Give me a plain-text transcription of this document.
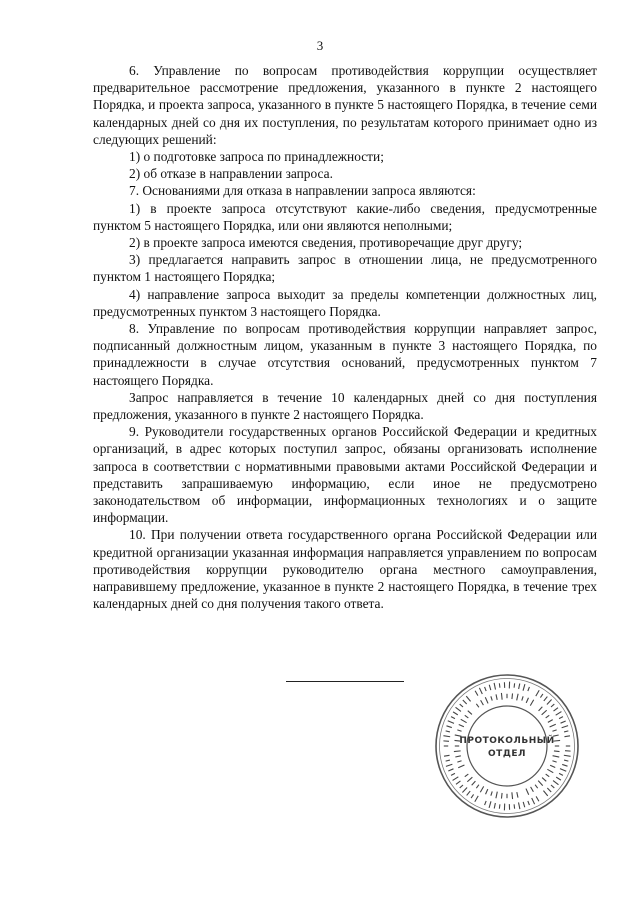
3

6. Управление по вопросам противодействия коррупции осуществляет предварительное рассмотрение предложения, указанного в пункте 2 настоящего Порядка, и проекта запроса, указанного в пункте 5 настоящего Порядка, в течение семи календарных дней со дня их поступления, по результатам которого принимает одно из следующих решений:

1) о подготовке запроса по принадлежности;

2) об отказе в направлении запроса.

7. Основаниями для отказа в направлении запроса являются:

1) в проекте запроса отсутствуют какие-либо сведения, предусмотренные пунктом 5 настоящего Порядка, или они являются неполными;

2) в проекте запроса имеются сведения, противоречащие друг другу;

3) предлагается направить запрос в отношении лица, не предусмотренного пунктом 1 настоящего Порядка;

4) направление запроса выходит за пределы компетенции должностных лиц, предусмотренных пунктом 3 настоящего Порядка.

8. Управление по вопросам противодействия коррупции направляет запрос, подписанный должностным лицом, указанным в пункте 3 настоящего Порядка, по принадлежности в случае отсутствия оснований, предусмотренных пунктом 7 настоящего Порядка.

Запрос направляется в течение 10 календарных дней со дня поступления предложения, указанного в пункте 2 настоящего Порядка.

9. Руководители государственных органов Российской Федерации и кредитных организаций, в адрес которых поступил запрос, обязаны организовать исполнение запроса в соответствии с нормативными правовыми актами Российской Федерации и представить запрашиваемую информацию, если иное не предусмотрено законодательством об информации, информационных технологиях и о защите информации.

10. При получении ответа государственного органа Российской Федерации или кредитной организации указанная информация направляется управлением по вопросам противодействия коррупции руководителю органа местного самоуправления, направившему предложение, указанное в пункте 2 настоящего Порядка, в течение трех календарных дней со дня получения такого ответа.

ПРОТОКОЛЬНЫЙ
ОТДЕЛ
